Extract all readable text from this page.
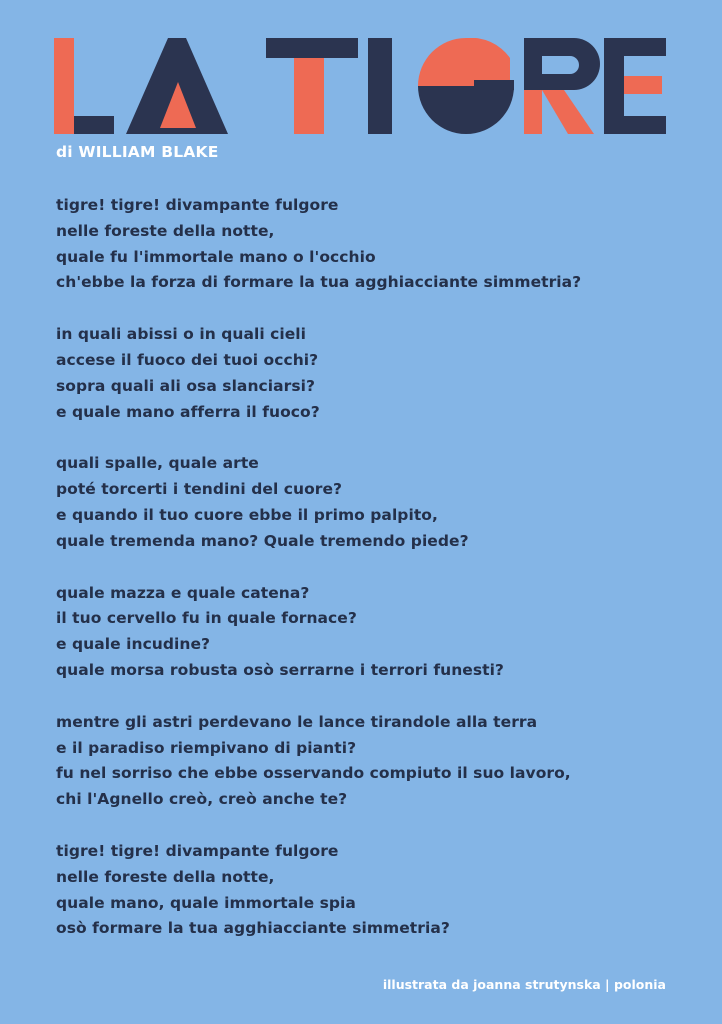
di WILLIAM BLAKE

tigre! tigre! divampante fulgore

nelle foreste della notte,

quale fu l'immortale mano o l'occhio

ch'ebbe la forza di formare la tua agghiacciante simmetria?

in quali abissi o in quali cieli

accese il fuoco dei tuoi occhi?

sopra quali ali osa slanciarsi?

e quale mano afferra il fuoco?

quali spalle, quale arte

poté torcerti i tendini del cuore?

e quando il tuo cuore ebbe il primo palpito,

quale tremenda mano? Quale tremendo piede?

quale mazza e quale catena?

il tuo cervello fu in quale fornace?

e quale incudine?

quale morsa robusta osò serrarne i terrori funesti?

mentre gli astri perdevano le lance tirandole alla terra

e il paradiso riempivano di pianti?

fu nel sorriso che ebbe osservando compiuto il suo lavoro,

chi l'Agnello creò, creò anche te?

tigre! tigre! divampante fulgore

nelle foreste della notte,

quale mano, quale immortale spia

osò formare la tua agghiacciante simmetria?

illustrata da joanna strutynska | polonia
